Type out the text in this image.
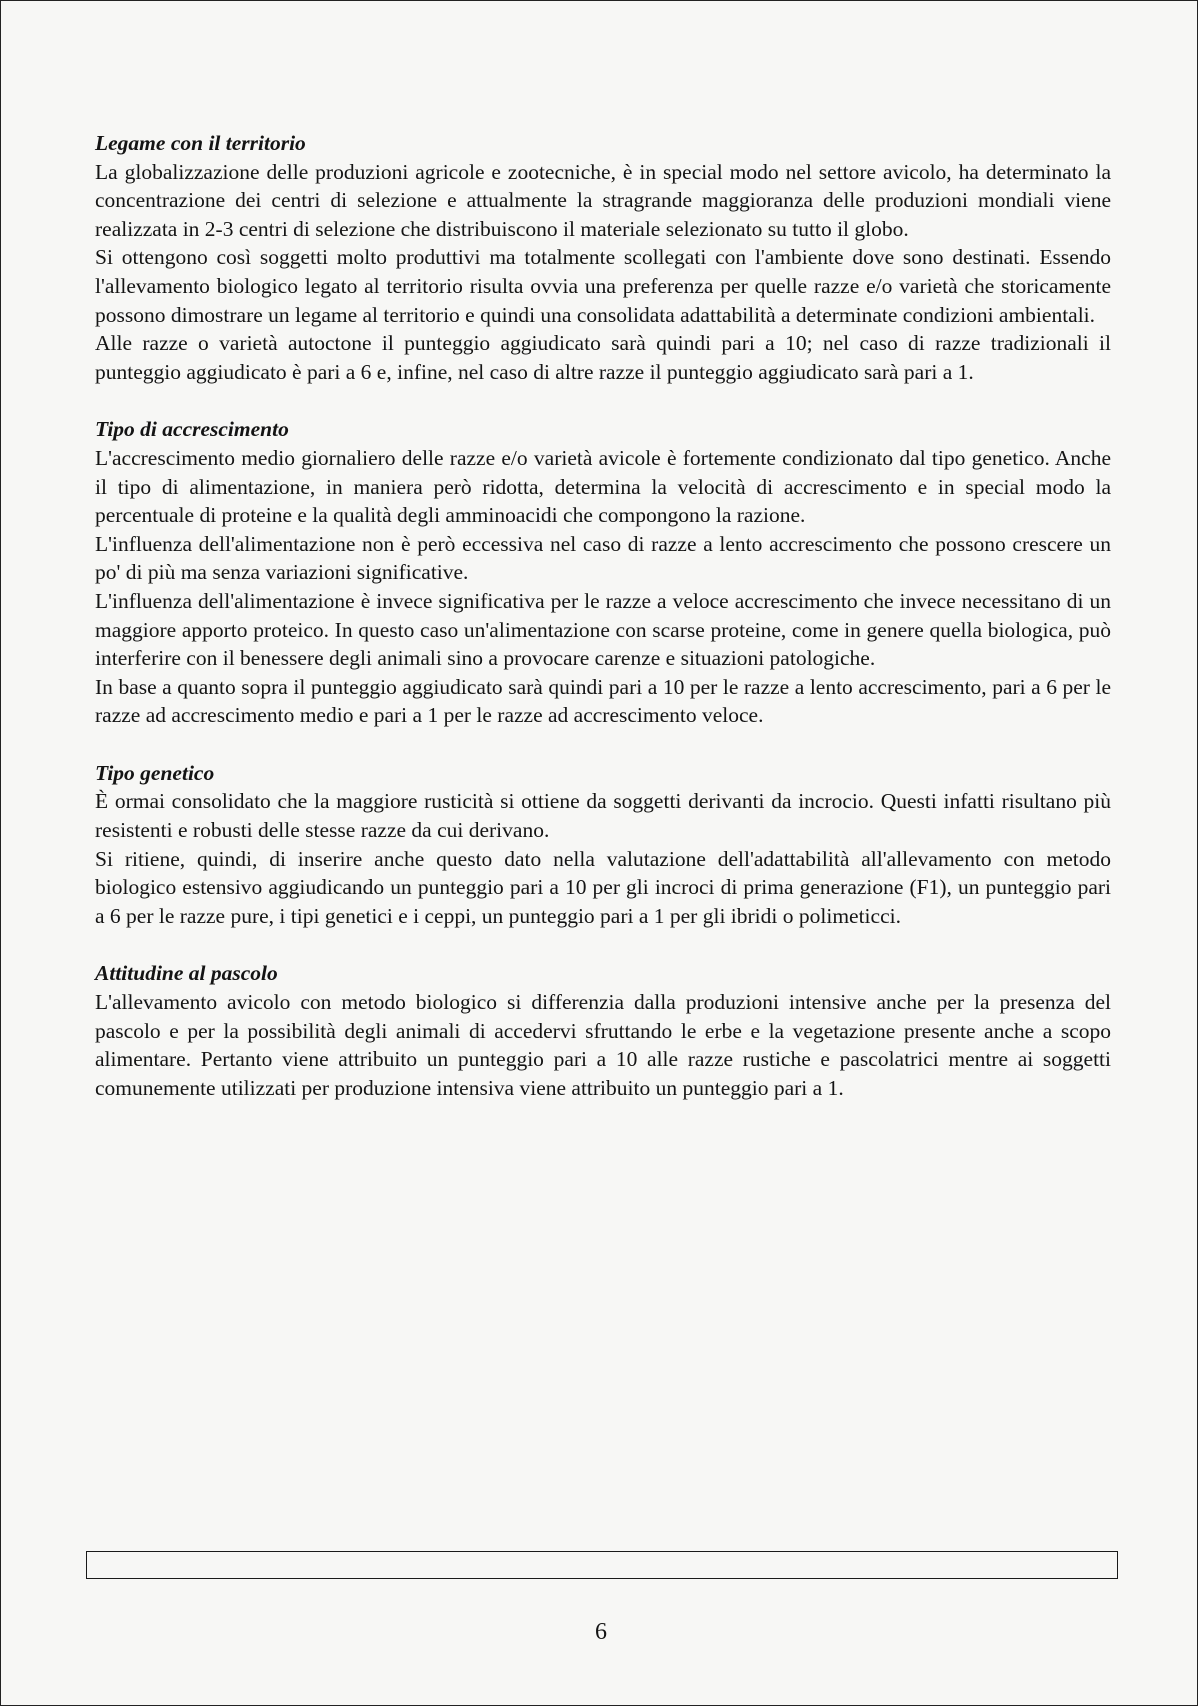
Legame con il territorio

La globalizzazione delle produzioni agricole e zootecniche, è in special modo nel settore avicolo, ha determinato la concentrazione dei centri di selezione e attualmente la stragrande maggioranza delle produzioni mondiali viene realizzata in 2-3 centri di selezione che distribuiscono il materiale selezionato su tutto il globo.

Si ottengono così soggetti molto produttivi ma totalmente scollegati con l'ambiente dove sono destinati. Essendo l'allevamento biologico legato al territorio risulta ovvia una preferenza per quelle razze e/o varietà che storicamente possono dimostrare un legame al territorio e quindi una consolidata adattabilità a determinate condizioni ambientali.

Alle razze o varietà autoctone il punteggio aggiudicato sarà quindi pari a 10; nel caso di razze tradizionali il punteggio aggiudicato è pari a 6 e, infine, nel caso di altre razze il punteggio aggiudicato sarà pari a 1.

Tipo di accrescimento

L'accrescimento medio giornaliero delle razze e/o varietà avicole è fortemente condizionato dal tipo genetico. Anche il tipo di alimentazione, in maniera però ridotta, determina la velocità di accrescimento e in special modo la percentuale di proteine e la qualità degli amminoacidi che compongono la razione.

L'influenza dell'alimentazione non è però eccessiva nel caso di razze a lento accrescimento che possono crescere un po' di più ma senza variazioni significative.

L'influenza dell'alimentazione è invece significativa per le razze a veloce accrescimento che invece necessitano di un maggiore apporto proteico. In questo caso un'alimentazione con scarse proteine, come in genere quella biologica, può interferire con il benessere degli animali sino a provocare carenze e situazioni patologiche.

In base a quanto sopra il punteggio aggiudicato sarà quindi pari a 10 per le razze a lento accrescimento, pari a 6 per le razze ad accrescimento medio e pari a 1 per le razze ad accrescimento veloce.

Tipo genetico

È ormai consolidato che la maggiore rusticità si ottiene da soggetti derivanti da incrocio. Questi infatti risultano più resistenti e robusti delle stesse razze da cui derivano.

Si ritiene, quindi, di inserire anche questo dato nella valutazione dell'adattabilità all'allevamento con metodo biologico estensivo aggiudicando un punteggio pari a 10 per gli incroci di prima generazione (F1), un punteggio pari a 6 per le razze pure, i tipi genetici e i ceppi, un punteggio pari a 1 per gli ibridi o polimeticci.

Attitudine al pascolo

L'allevamento avicolo con metodo biologico si differenzia dalla produzioni intensive anche per la presenza del pascolo e per la possibilità degli animali di accedervi sfruttando le erbe e la vegetazione presente anche a scopo alimentare. Pertanto viene attribuito un punteggio pari a 10 alle razze rustiche e pascolatrici mentre ai soggetti comunemente utilizzati per produzione intensiva viene attribuito un punteggio pari a 1.

6
